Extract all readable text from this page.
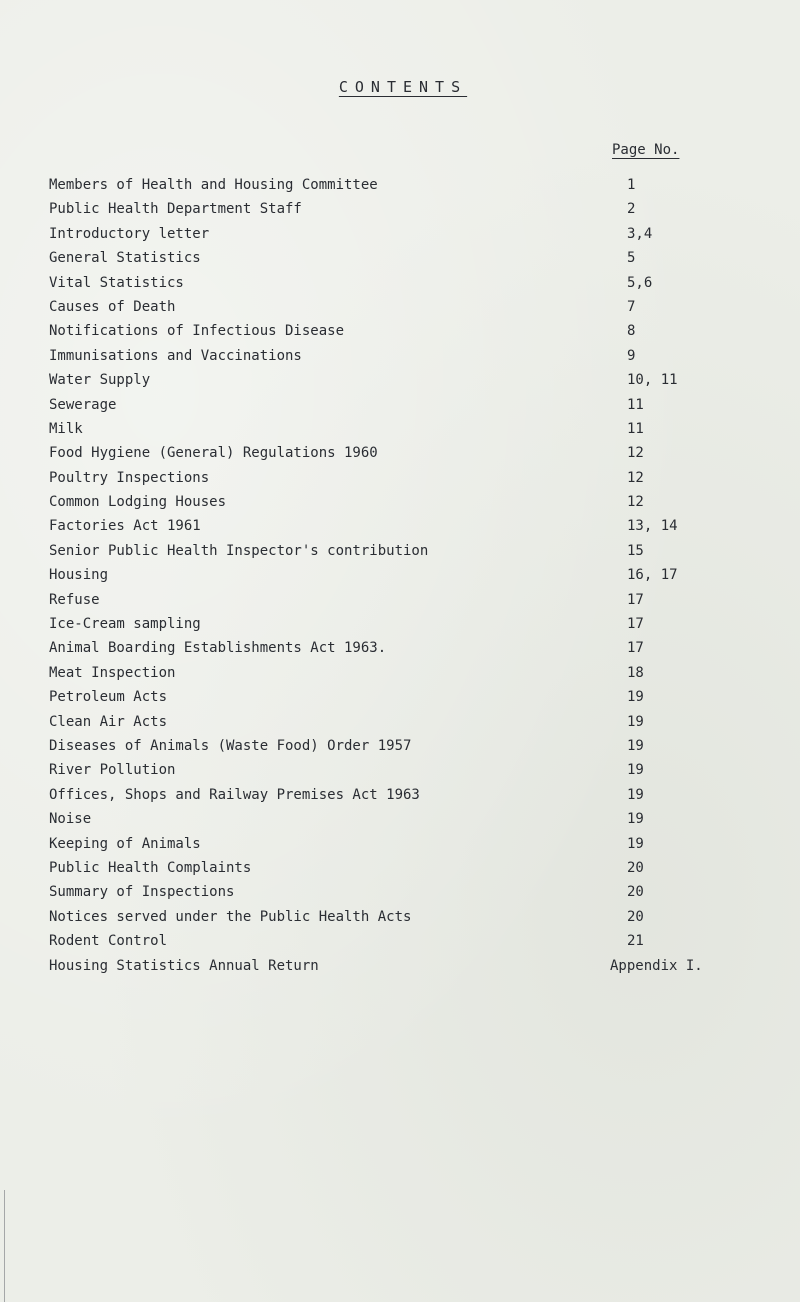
CONTENTS
Page No.
Members of Health and Housing Committee	1
Public Health Department Staff	2
Introductory letter	3,4
General Statistics	5
Vital Statistics	5,6
Causes of Death	7
Notifications of Infectious Disease	8
Immunisations and Vaccinations	9
Water Supply	10, 11
Sewerage	11
Milk	11
Food Hygiene (General) Regulations 1960	12
Poultry Inspections	12
Common Lodging Houses	12
Factories Act 1961	13, 14
Senior Public Health Inspector's contribution	15
Housing	16, 17
Refuse	17
Ice-Cream sampling	17
Animal Boarding Establishments Act 1963.	17
Meat Inspection	18
Petroleum Acts	19
Clean Air Acts	19
Diseases of Animals (Waste Food) Order 1957	19
River Pollution	19
Offices, Shops and Railway Premises Act 1963	19
Noise	19
Keeping of Animals	19
Public Health Complaints	20
Summary of Inspections	20
Notices served under the Public Health Acts	20
Rodent Control	21
Housing Statistics Annual Return	Appendix I.
